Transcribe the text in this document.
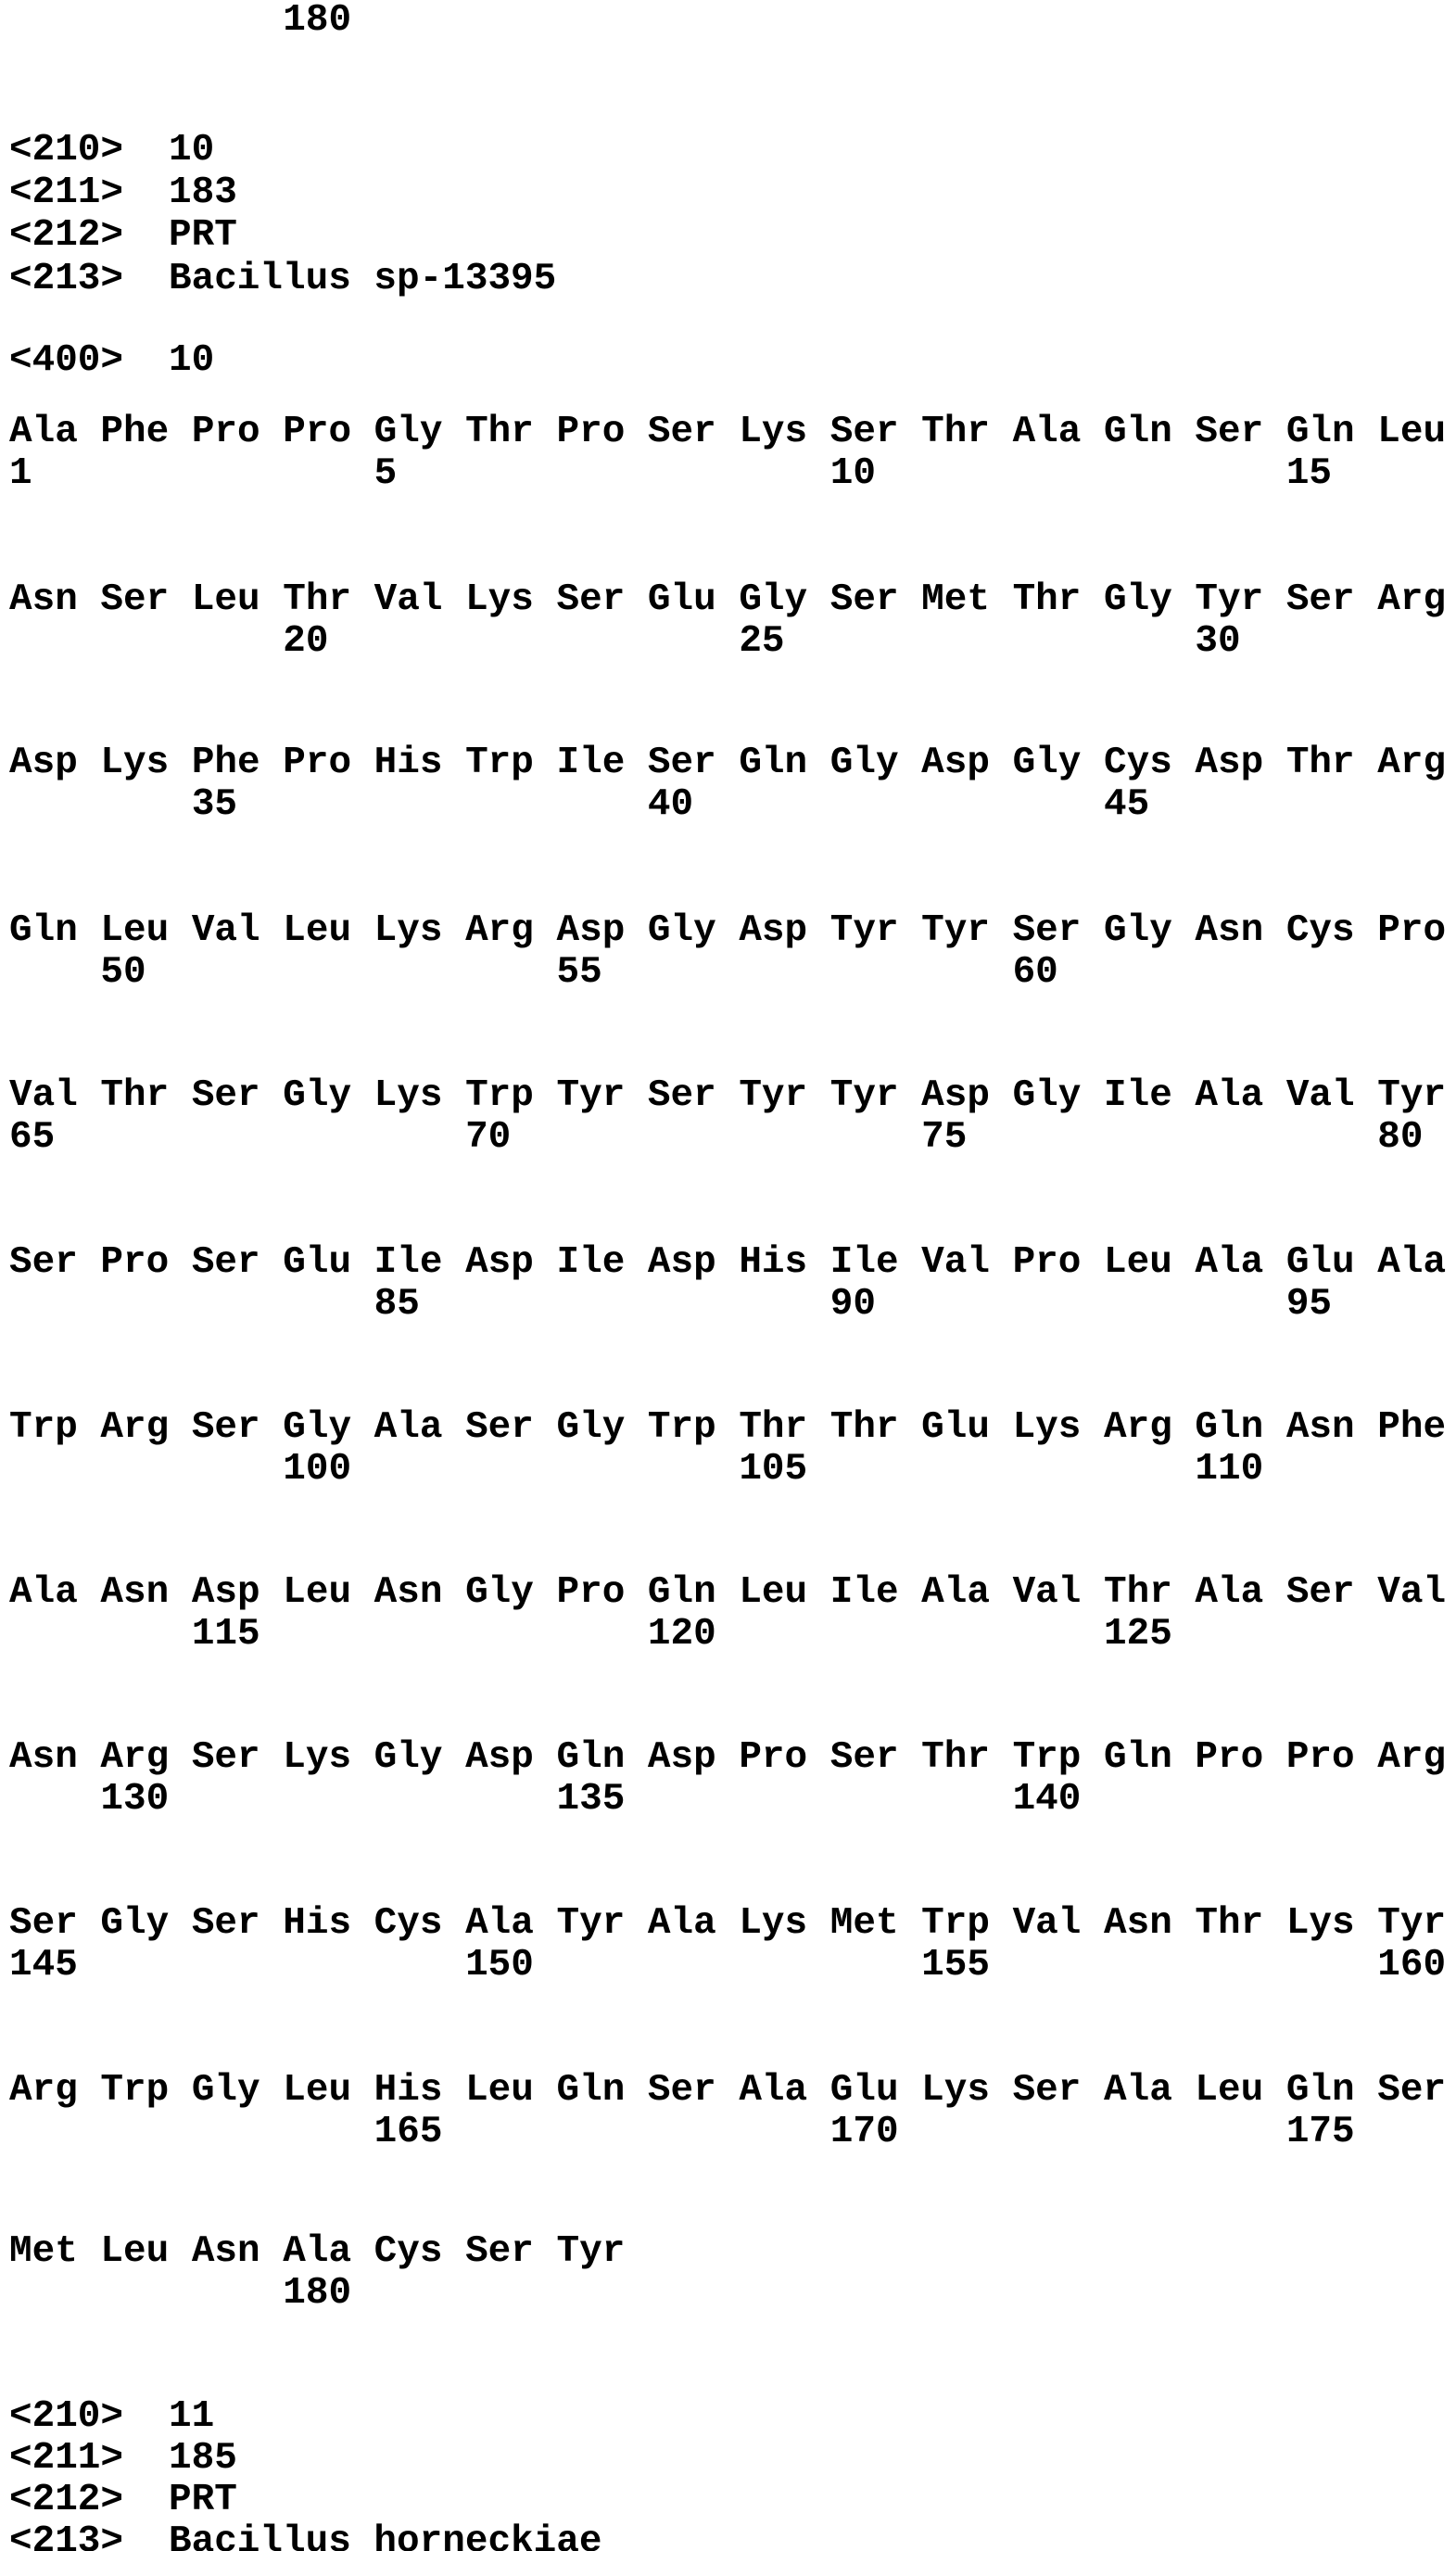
180
<210> 10
<211> 183
<212> PRT
<213> Bacillus sp-13395
<400> 10
Ala Phe Pro Pro Gly Thr Pro Ser Lys Ser Thr Ala Gln Ser Gln Leu
1               5                   10                  15
Asn Ser Leu Thr Val Lys Ser Glu Gly Ser Met Thr Gly Tyr Ser Arg
20                  25                  30
Asp Lys Phe Pro His Trp Ile Ser Gln Gly Asp Gly Cys Asp Thr Arg
35                  40                  45
Gln Leu Val Leu Lys Arg Asp Gly Asp Tyr Tyr Ser Gly Asn Cys Pro
50                  55                  60
Val Thr Ser Gly Lys Trp Tyr Ser Tyr Tyr Asp Gly Ile Ala Val Tyr
65                  70                  75                  80
Ser Pro Ser Glu Ile Asp Ile Asp His Ile Val Pro Leu Ala Glu Ala
85                  90                  95
Trp Arg Ser Gly Ala Ser Gly Trp Thr Thr Glu Lys Arg Gln Asn Phe
100                 105                 110
Ala Asn Asp Leu Asn Gly Pro Gln Leu Ile Ala Val Thr Ala Ser Val
115                 120                 125
Asn Arg Ser Lys Gly Asp Gln Asp Pro Ser Thr Trp Gln Pro Pro Arg
130                 135                 140
Ser Gly Ser His Cys Ala Tyr Ala Lys Met Trp Val Asn Thr Lys Tyr
145                 150                 155                 160
Arg Trp Gly Leu His Leu Gln Ser Ala Glu Lys Ser Ala Leu Gln Ser
165                 170                 175
Met Leu Asn Ala Cys Ser Tyr
180
<210> 11
<211> 185
<212> PRT
<213> Bacillus horneckiae
